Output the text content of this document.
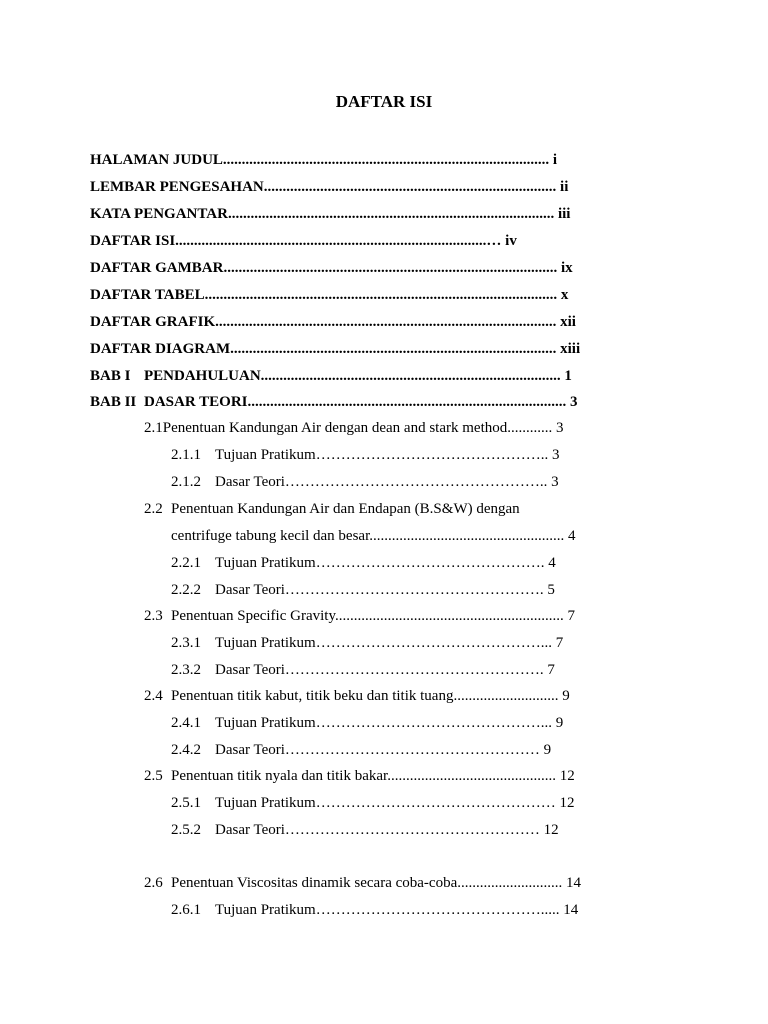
DAFTAR ISI
HALAMAN JUDUL....................................................................................... i
LEMBAR PENGESAHAN.............................................................................. ii
KATA PENGANTAR....................................................................................... iii
DAFTAR ISI...................................................................................… iv
DAFTAR GAMBAR......................................................................................... ix
DAFTAR TABEL.............................................................................................. x
DAFTAR GRAFIK........................................................................................... xii
DAFTAR DIAGRAM....................................................................................... xiii
BAB I PENDAHULUAN................................................................................ 1
BAB II DASAR TEORI..................................................................................... 3
2.1Penentuan Kandungan Air dengan dean and stark method............ 3
2.1.1 Tujuan Pratikum……………………………………….. 3
2.1.2 Dasar Teori…………………………………………….. 3
2.2 Penentuan Kandungan Air dan Endapan (B.S&W) dengan
centrifuge tabung kecil dan besar.................................................... 4
2.2.1 Tujuan Pratikum………………………………………. 4
2.2.2 Dasar Teori……………………………………………. 5
2.3 Penentuan Specific Gravity............................................................. 7
2.3.1 Tujuan Pratikum………………………………………... 7
2.3.2 Dasar Teori……………………………………………. 7
2.4 Penentuan titik kabut, titik beku dan titik tuang............................ 9
2.4.1 Tujuan Pratikum………………………………………... 9
2.4.2 Dasar Teori…………………………………………… 9
2.5 Penentuan titik nyala dan titik bakar............................................. 12
2.5.1 Tujuan Pratikum………………………………………… 12
2.5.2 Dasar Teori…………………………………………… 12
2.6 Penentuan Viscositas dinamik secara coba-coba............................ 14
2.6.1 Tujuan Pratikum………………………………………..... 14
